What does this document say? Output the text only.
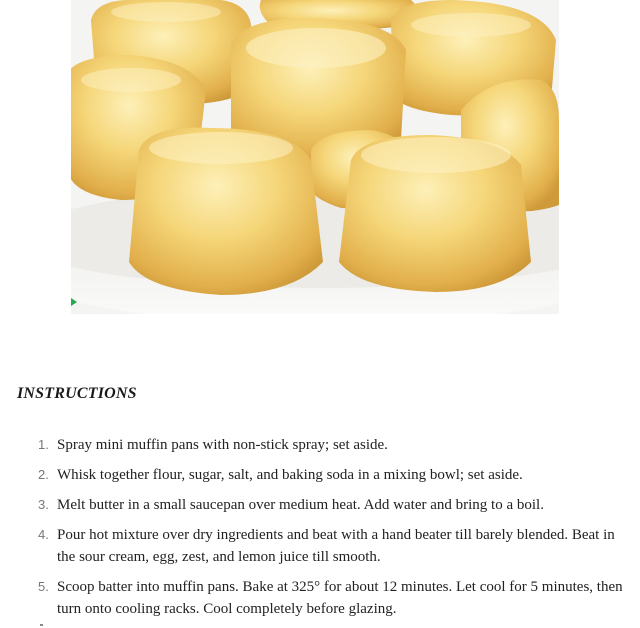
INSTRUCTIONS
1. Spray mini muffin pans with non-stick spray; set aside.
2. Whisk together flour, sugar, salt, and baking soda in a mixing bowl; set aside.
3. Melt butter in a small saucepan over medium heat. Add water and bring to a boil.
4. Pour hot mixture over dry ingredients and beat with a hand beater till barely blended. Beat in the sour cream, egg, zest, and lemon juice till smooth.
5. Scoop batter into muffin pans. Bake at 325° for about 12 minutes. Let cool for 5 minutes, then turn onto cooling racks. Cool completely before glazing.
